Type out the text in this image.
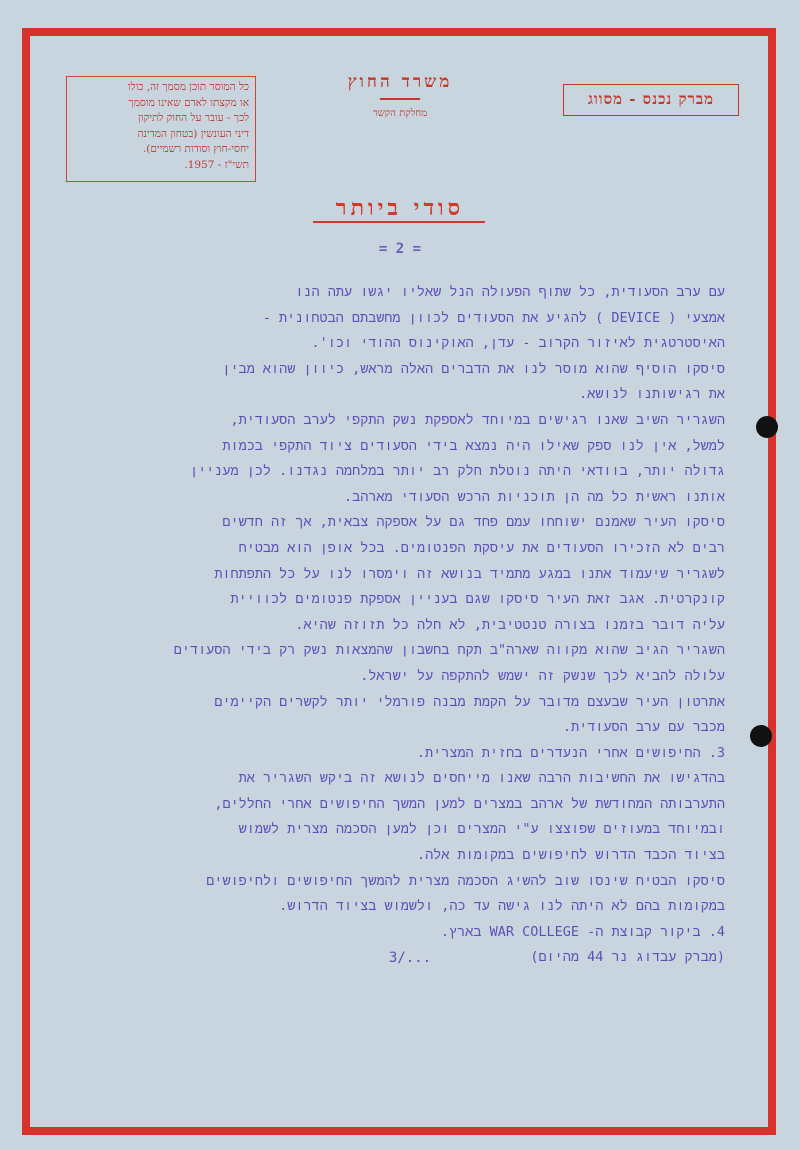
כל המוסר תוכן מסמך זה, כולו
או מקצתו לאדם שאינו מוסמך
לכך - עובר על החוק לתיקון
דיני העונשין (בטחון המדינה
יחסי-חוץ וסודות רשמיים).
תשי"ז - 1957.
משרד החוץ
מחלקת הקשר
מברק נכנס - מסווג
סודי ביותר
= 2 =
עם ערב הסעודית, כל שתוף הפעולה הנל שאליו יגשו עתה הנו
אמצעי ( DEVICE ) להגיע את הסעודים לכוון מחשבתם הבטחונית -
האיסטרטגית לאיזור הקרוב - עדן, האוקינוס ההודי וכו'.
סיסקו הוסיף שהוא מוסר לנו את הדברים האלה מראש, כיוון שהוא מבין
את רגישותנו לנושא.
השגריר השיב שאנו רגישים במיוחד לאספקת נשק התקפי לערב הסעודית,
למשל, אין לנו ספק שאילו היה נמצא בידי הסעודים ציוד התקפי בכמות
גדולה יותר, בוודאי היתה נוטלת חלק רב יותר במלחמה נגדנו. לכן מעניין
אותנו ראשית כל מה הן תוכניות הרכש הסעודי מארהב.
סיסקו העיר שאמנם ישוחחו עמם פחד גם על אספקה צבאית, אך זה חדשים
רבים לא הזכירו הסעודים את עיסקת הפנטומים. בכל אופן הוא מבטיח
לשגריר שיעמוד אתנו במגע מתמיד בנושא זה וימסרו לנו על כל התפתחות
קונקרטית. אגב זאת העיר סיסקו שגם בעניין אספקת פנטומים לכוויית
עליה דובר בזמנו בצורה טנטטיבית, לא חלה כל תזוזה שהיא.
השגריר הגיב שהוא מקווה שארה"ב תקח בחשבון שהמצאות נשק רק בידי הסעודים
עלולה להביא לכך שנשק זה ישמש להתקפה על ישראל.
אתרטון העיר שבעצם מדובר על הקמת מבנה פורמלי יותר לקשרים הקיימים
מכבר עם ערב הסעודית.
3. החיפושים אחרי הנעדרים בחזית המצרית.
בהדגישו את החשיבות הרבה שאנו מייחסים לנושא זה ביקש השגריר את
התערבותה המחודשת של ארהב במצרים למען המשך החיפושים אחרי החללים,
ובמיוחד במעוזים שפוצצו ע"י המצרים וכן למען הסכמה מצרית לשמוש
בציוד הכבד הדרוש לחיפושים במקומות אלה.
סיסקו הבטיח שינסו שוב להשיג הסכמה מצרית להמשך החיפושים ולחיפושים
במקומות בהם לא היתה לנו גישה עד כה, ולשמוש בציוד הדרוש.
4. ביקור קבוצת ה- WAR COLLEGE בארץ.
(מברק עבדוג נר 44 מהיום)
3/...
